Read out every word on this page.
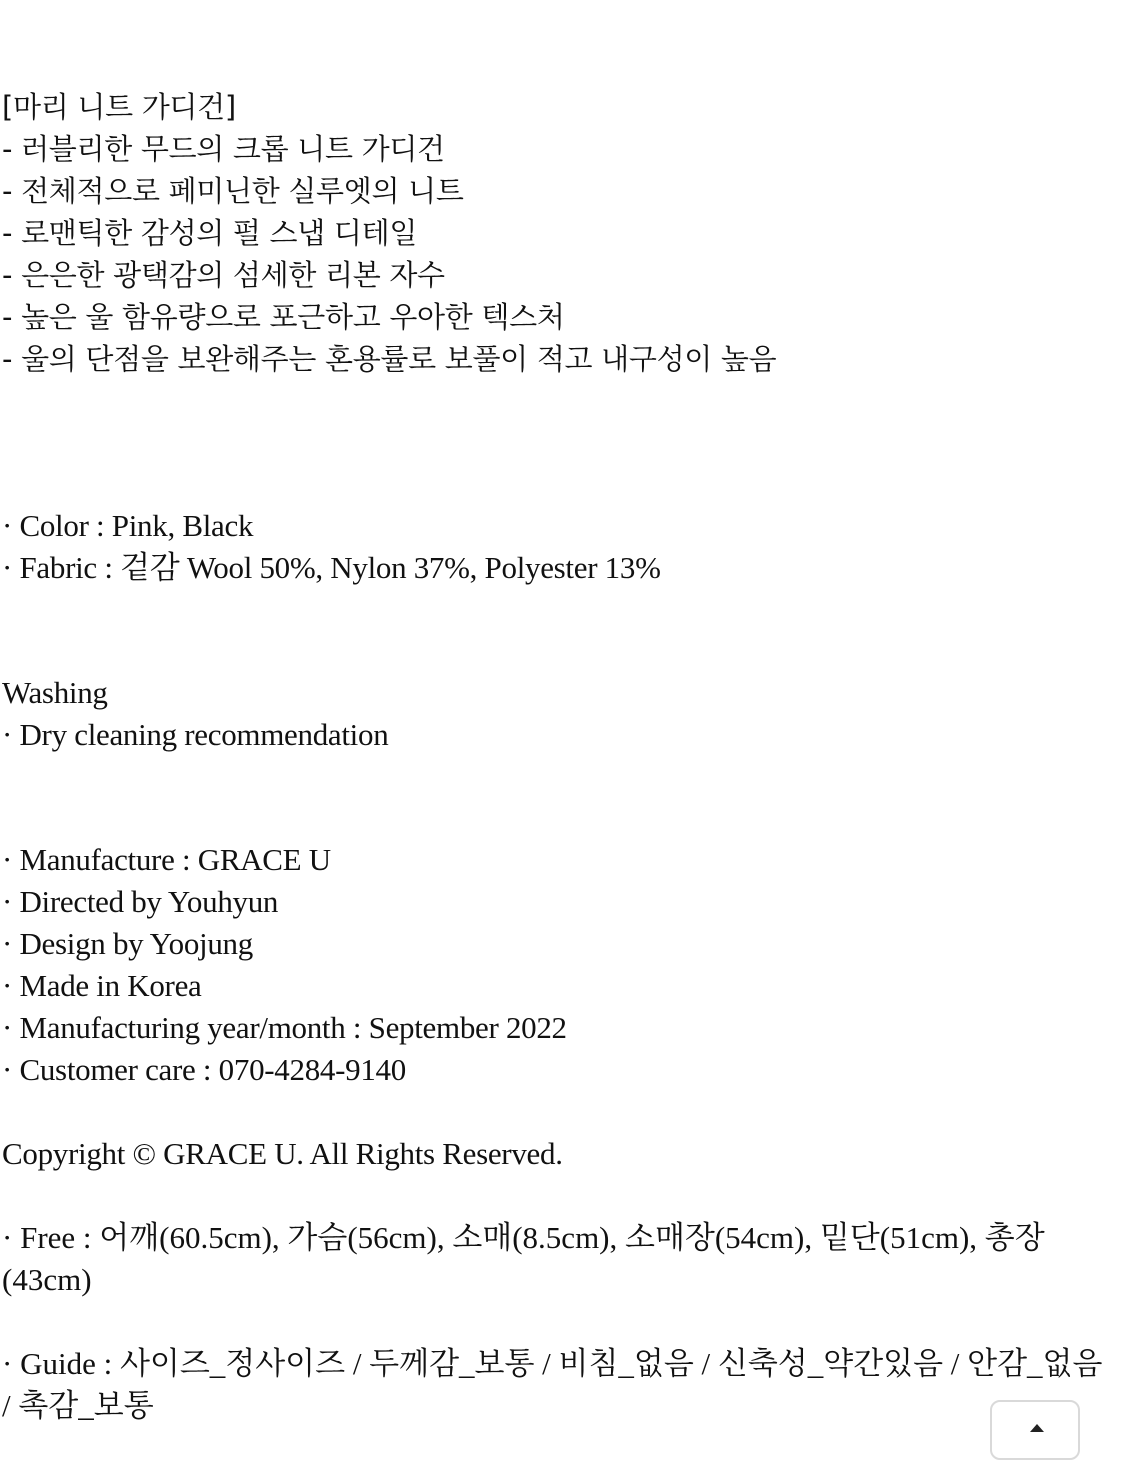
[마리 니트 가디건]
- 러블리한 무드의 크롭 니트 가디건
- 전체적으로 페미닌한 실루엣의 니트
- 로맨틱한 감성의 펄 스냅 디테일
- 은은한 광택감의 섬세한 리본 자수
- 높은 울 함유량으로 포근하고 우아한 텍스처
- 울의 단점을 보완해주는 혼용률로 보풀이 적고 내구성이 높음
· Color : Pink, Black
· Fabric : 겉감 Wool 50%, Nylon 37%, Polyester 13%
Washing
· Dry cleaning recommendation
· Manufacture : GRACE U
· Directed by Youhyun
· Design by Yoojung
· Made in Korea
· Manufacturing year/month : September 2022
· Customer care : 070-4284-9140
Copyright © GRACE U. All Rights Reserved.
· Free : 어깨(60.5cm), 가슴(56cm), 소매(8.5cm), 소매장(54cm), 밑단(51cm), 총장(43cm)
· Guide : 사이즈_정사이즈 / 두께감_보통 / 비침_없음 / 신축성_약간있음 / 안감_없음 / 촉감_보통
